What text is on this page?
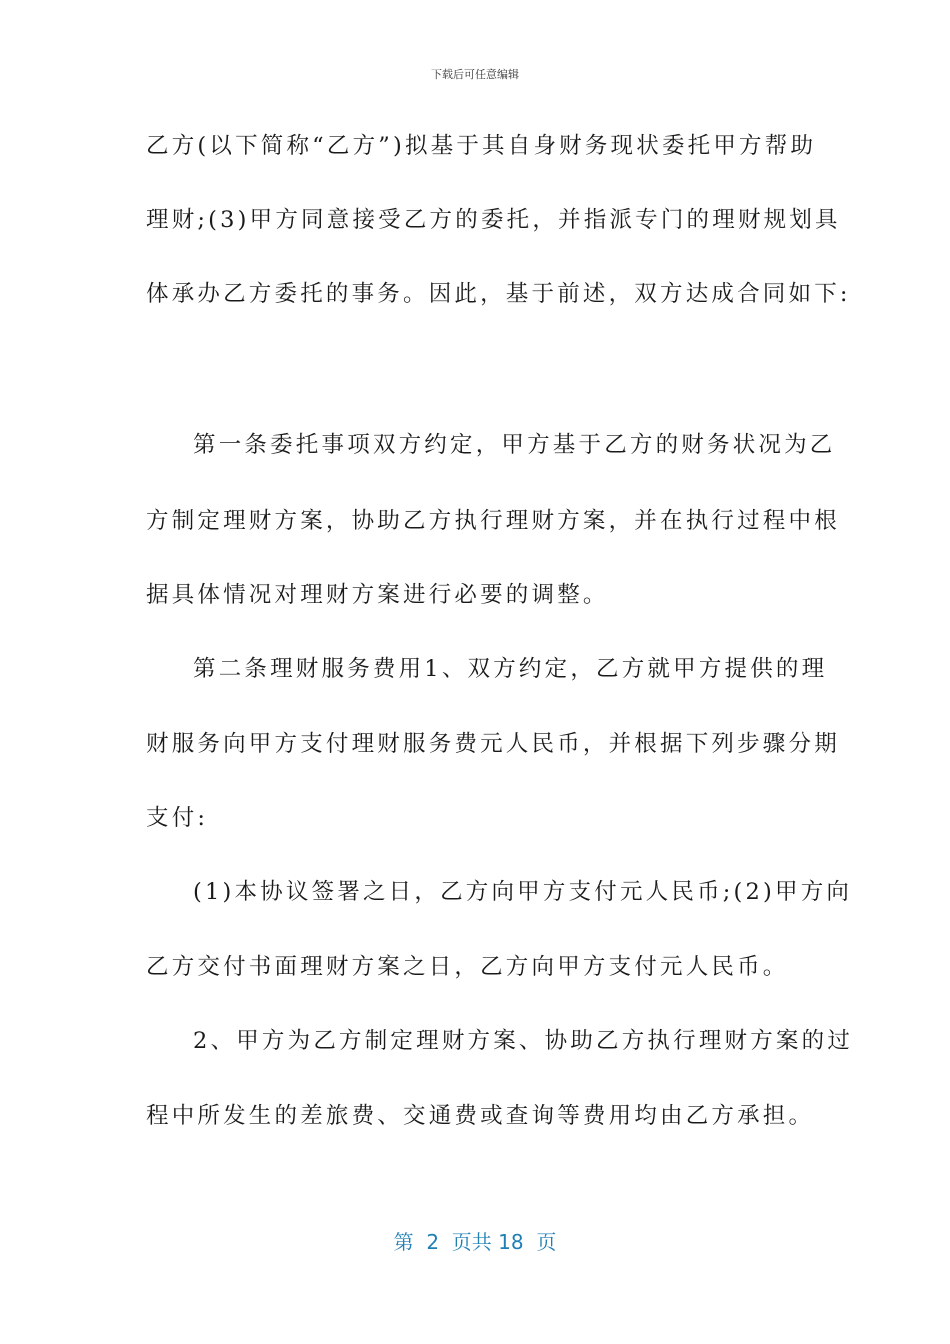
下载后可任意编辑
乙方(以下简称“乙方”)拟基于其自身财务现状委托甲方帮助
理财;(3)甲方同意接受乙方的委托，并指派专门的理财规划具
体承办乙方委托的事务。因此，基于前述，双方达成合同如下:
第一条委托事项双方约定，甲方基于乙方的财务状况为乙
方制定理财方案，协助乙方执行理财方案，并在执行过程中根
据具体情况对理财方案进行必要的调整。
第二条理财服务费用1、双方约定，乙方就甲方提供的理
财服务向甲方支付理财服务费元人民币，并根据下列步骤分期
支付:
(1)本协议签署之日，乙方向甲方支付元人民币;(2)甲方向
乙方交付书面理财方案之日，乙方向甲方支付元人民币。
2、甲方为乙方制定理财方案、协助乙方执行理财方案的过
程中所发生的差旅费、交通费或查询等费用均由乙方承担。
第  2  页共 18  页
